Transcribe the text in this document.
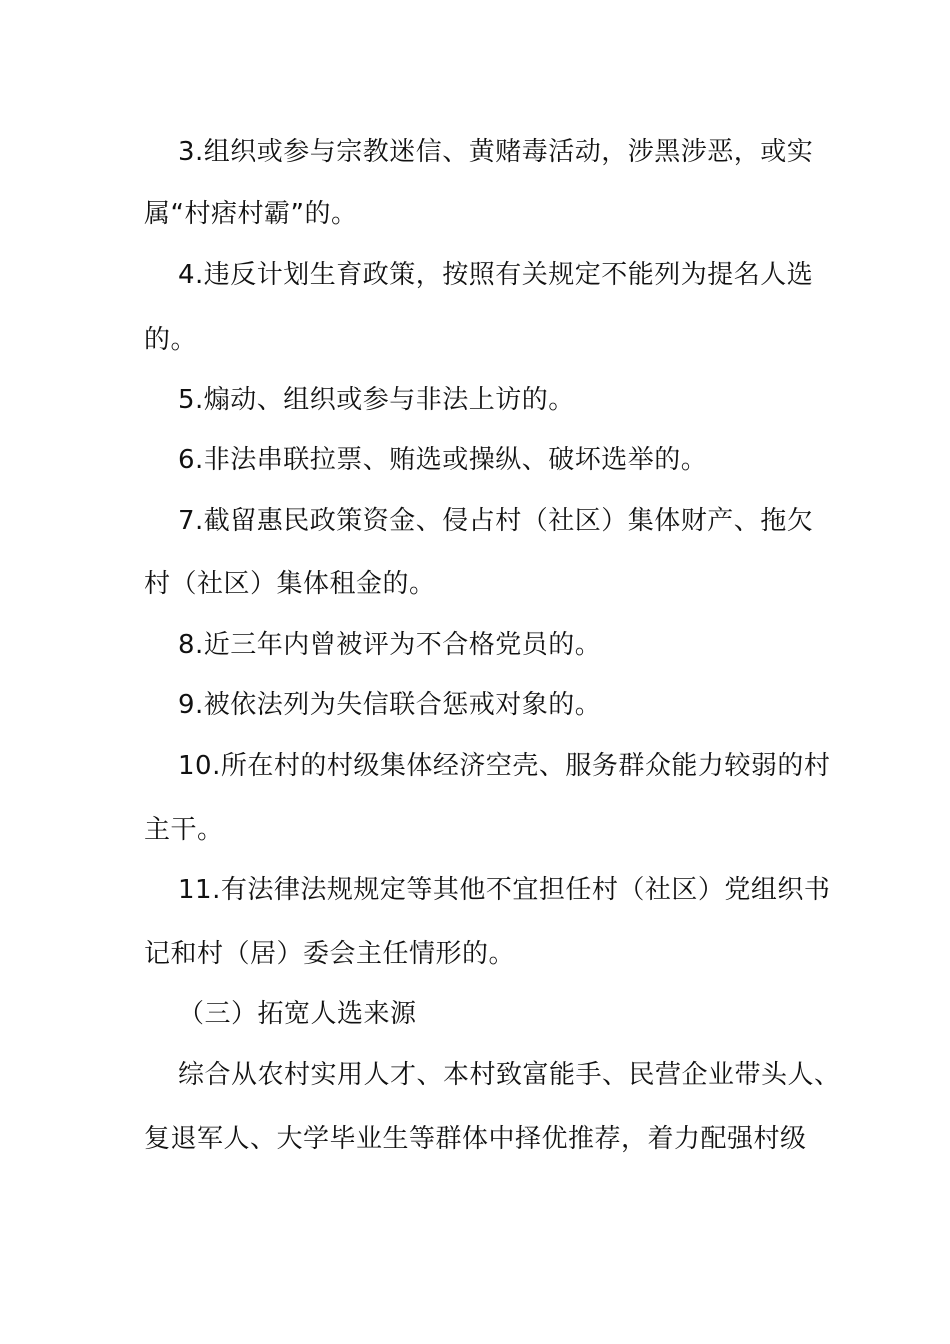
3.组织或参与宗教迷信、黄赌毒活动，涉黑涉恶，或实
属“村痞村霸”的。
4.违反计划生育政策，按照有关规定不能列为提名人选
的。
5.煽动、组织或参与非法上访的。
6.非法串联拉票、贿选或操纵、破坏选举的。
7.截留惠民政策资金、侵占村（社区）集体财产、拖欠
村（社区）集体租金的。
8.近三年内曾被评为不合格党员的。
9.被依法列为失信联合惩戒对象的。
10.所在村的村级集体经济空壳、服务群众能力较弱的村
主干。
11.有法律法规规定等其他不宜担任村（社区）党组织书
记和村（居）委会主任情形的。
（三）拓宽人选来源
综合从农村实用人才、本村致富能手、民营企业带头人、
复退军人、大学毕业生等群体中择优推荐，着力配强村级
